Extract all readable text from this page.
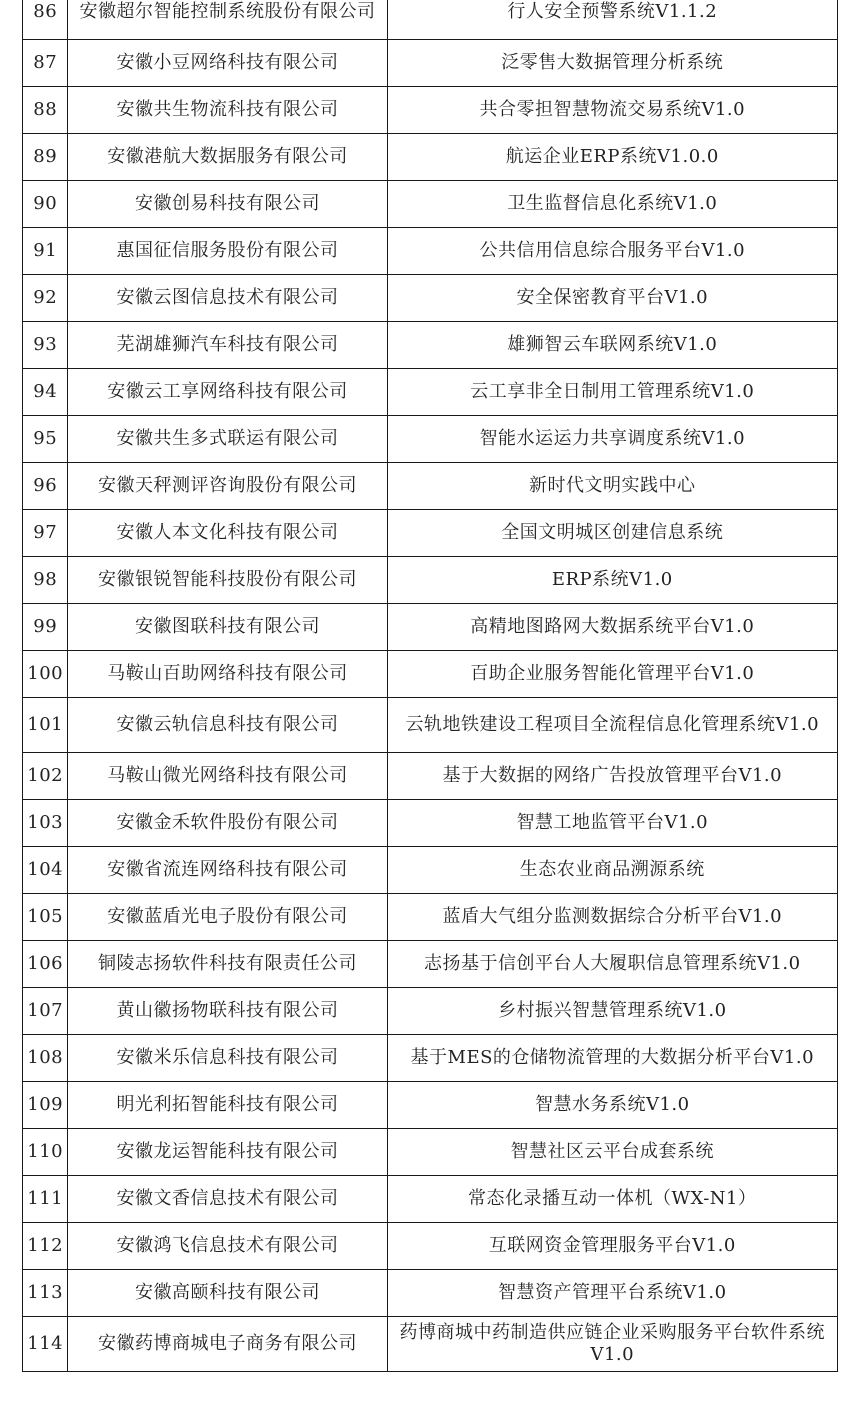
86	安徽超尔智能控制系统股份有限公司	行人安全预警系统V1.1.2
87	安徽小豆网络科技有限公司	泛零售大数据管理分析系统
88	安徽共生物流科技有限公司	共合零担智慧物流交易系统V1.0
89	安徽港航大数据服务有限公司	航运企业ERP系统V1.0.0
90	安徽创易科技有限公司	卫生监督信息化系统V1.0
91	惠国征信服务股份有限公司	公共信用信息综合服务平台V1.0
92	安徽云图信息技术有限公司	安全保密教育平台V1.0
93	芜湖雄狮汽车科技有限公司	雄狮智云车联网系统V1.0
94	安徽云工享网络科技有限公司	云工享非全日制用工管理系统V1.0
95	安徽共生多式联运有限公司	智能水运运力共享调度系统V1.0
96	安徽天秤测评咨询股份有限公司	新时代文明实践中心
97	安徽人本文化科技有限公司	全国文明城区创建信息系统
98	安徽银锐智能科技股份有限公司	ERP系统V1.0
99	安徽图联科技有限公司	高精地图路网大数据系统平台V1.0
100	马鞍山百助网络科技有限公司	百助企业服务智能化管理平台V1.0
101	安徽云轨信息科技有限公司	云轨地铁建设工程项目全流程信息化管理系统V1.0
102	马鞍山微光网络科技有限公司	基于大数据的网络广告投放管理平台V1.0
103	安徽金禾软件股份有限公司	智慧工地监管平台V1.0
104	安徽省流连网络科技有限公司	生态农业商品溯源系统
105	安徽蓝盾光电子股份有限公司	蓝盾大气组分监测数据综合分析平台V1.0
106	铜陵志扬软件科技有限责任公司	志扬基于信创平台人大履职信息管理系统V1.0
107	黄山徽扬物联科技有限公司	乡村振兴智慧管理系统V1.0
108	安徽米乐信息科技有限公司	基于MES的仓储物流管理的大数据分析平台V1.0
109	明光利拓智能科技有限公司	智慧水务系统V1.0
110	安徽龙运智能科技有限公司	智慧社区云平台成套系统
111	安徽文香信息技术有限公司	常态化录播互动一体机（WX-N1）
112	安徽鸿飞信息技术有限公司	互联网资金管理服务平台V1.0
113	安徽高颐科技有限公司	智慧资产管理平台系统V1.0
114	安徽药博商城电子商务有限公司	药博商城中药制造供应链企业采购服务平台软件系统V1.0
